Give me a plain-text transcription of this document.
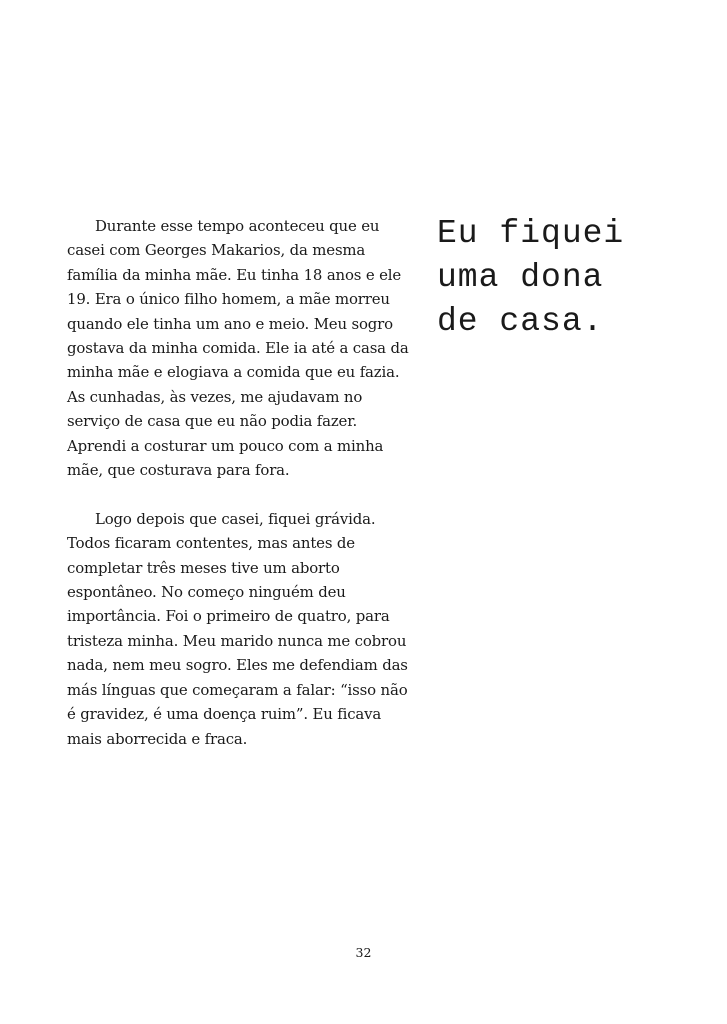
Durante esse tempo aconteceu que eu casei com Georges Makarios, da mesma família da minha mãe. Eu tinha 18 anos e ele 19. Era o único filho homem, a mãe morreu quando ele tinha um ano e meio. Meu sogro gostava da minha comida. Ele ia até a casa da minha mãe e elogiava a comida que eu fazia. As cunhadas, às vezes, me ajudavam no serviço de casa que eu não podia fazer. Aprendi a costurar um pouco com a minha mãe, que costurava para fora.

Logo depois que casei, fiquei grávida. Todos ficaram contentes, mas antes de completar três meses tive um aborto espontâneo. No começo ninguém deu importância. Foi o primeiro de quatro, para tristeza minha. Meu marido nunca me cobrou nada, nem meu sogro. Eles me defendiam das más línguas que começaram a falar: “isso não é gravidez, é uma doença ruim”. Eu ficava mais aborrecida e fraca.

Eu fiquei
uma dona
de casa.
32
